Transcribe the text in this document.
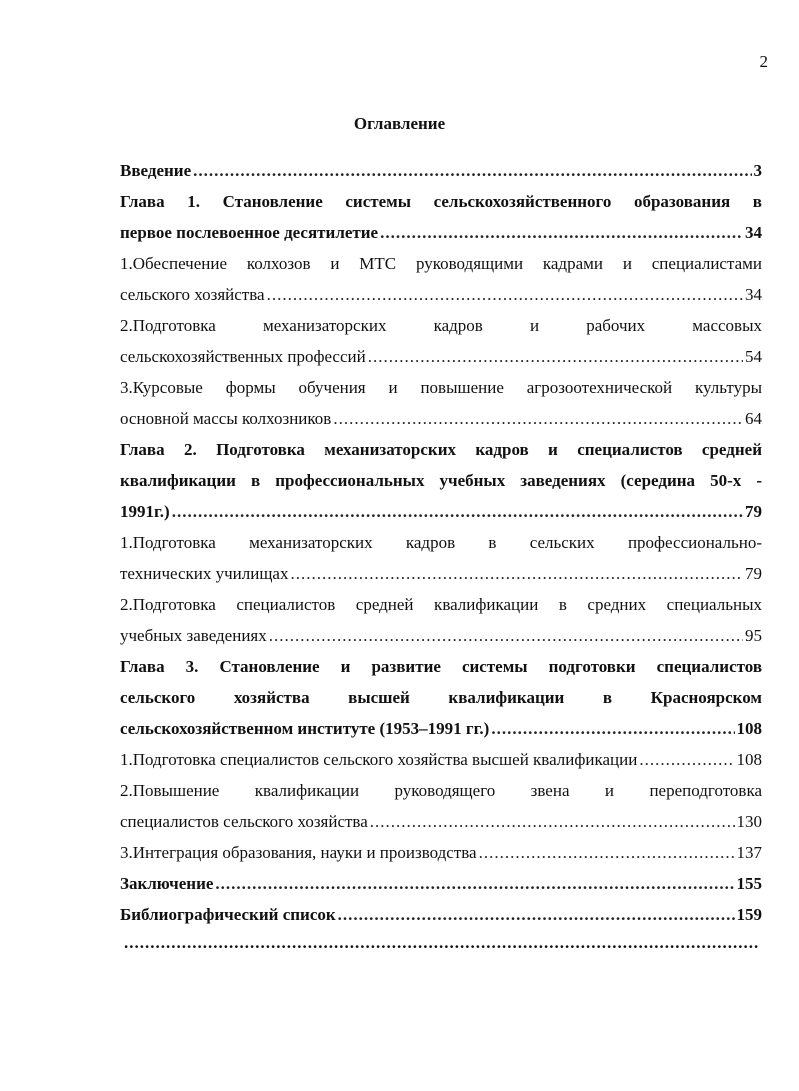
2
Оглавление
Введение .....	3
Глава 1. Становление системы сельскохозяйственного образования в
первое послевоенное десятилетие .....	34
1.Обеспечение колхозов и МТС руководящими кадрами и специалистами
сельского хозяйства .....	34
2.Подготовка механизаторских кадров и рабочих массовых
сельскохозяйственных профессий .....	54
3.Курсовые формы обучения и повышение агрозоотехнической культуры
основной массы колхозников .....	64
Глава 2. Подготовка механизаторских кадров и специалистов средней
квалификации в профессиональных учебных заведениях (середина 50-х -
1991г.) .....	79
1.Подготовка механизаторских кадров в сельских профессионально-
технических училищах .....	79
2.Подготовка специалистов средней квалификации в средних специальных
учебных заведениях .....	95
Глава 3. Становление и развитие системы подготовки специалистов
сельского хозяйства высшей квалификации в Красноярском
сельскохозяйственном институте (1953–1991 гг.) .....	108
1.Подготовка специалистов сельского хозяйства высшей квалификации .....	108
2.Повышение квалификации руководящего звена и переподготовка
специалистов сельского хозяйства .....	130
3.Интеграция образования, науки и производства .....	137
Заключение .....	155
Библиографический список .....	159
.....
